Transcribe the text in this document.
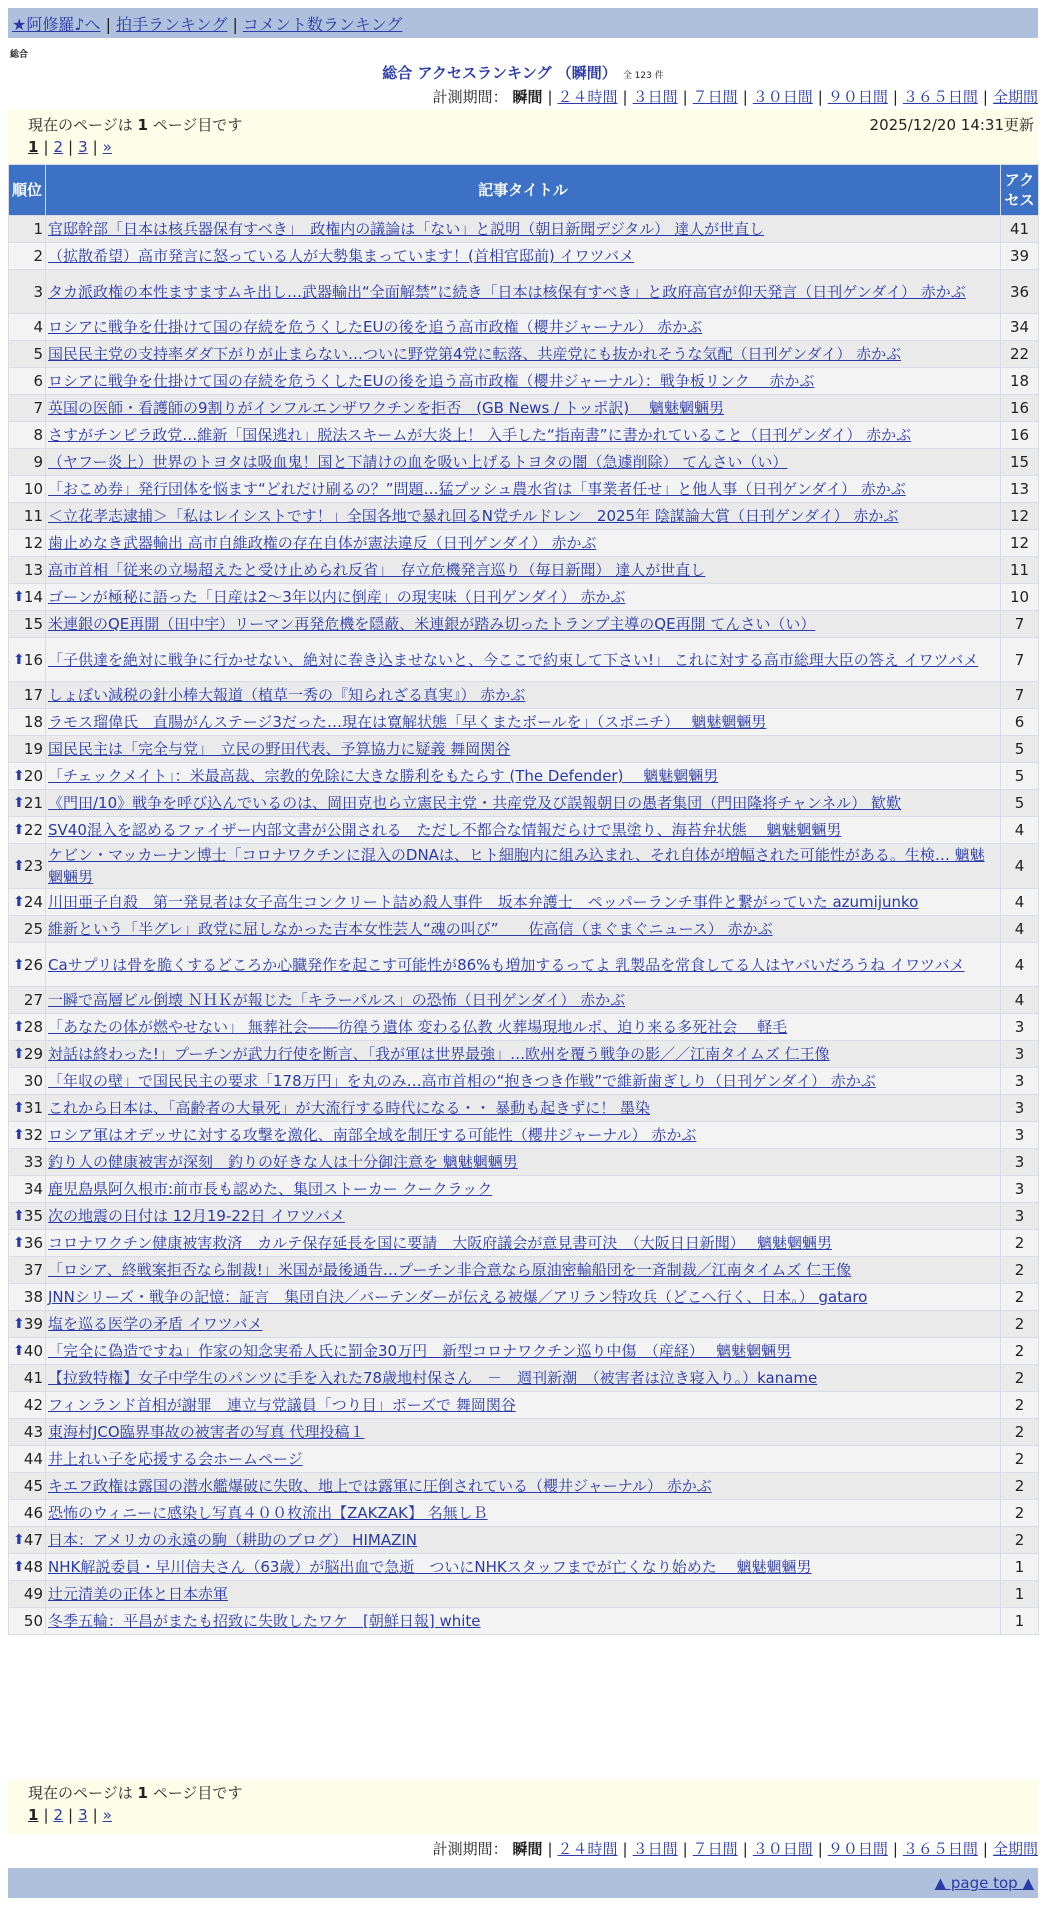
★阿修羅♪へ | 拍手ランキング | コメント数ランキング
総合
総合 アクセスランキング （瞬間） 全 123 件
計測期間： 瞬間 | ２４時間 | ３日間 | ７日間 | ３０日間 | ９０日間 | ３６５日間 | 全期間
現在のページは 1 ページ目です	2025/12/20 14:31更新
1 | 2 | 3 | »
順位	記事タイトル	アクセス
1	官邸幹部「日本は核兵器保有すべき」　政権内の議論は「ない」と説明（朝日新聞デジタル） 達人が世直し	41
2	（拡散希望）高市発言に怒っている人が大勢集まっています！(首相官邸前) イワツバメ	39
3	タカ派政権の本性ますますムキ出し…武器輸出“全面解禁”に続き「日本は核保有すべき」と政府高官が仰天発言（日刊ゲンダイ） 赤かぶ	36
4	ロシアに戦争を仕掛けて国の存続を危うくしたEUの後を追う高市政権（櫻井ジャーナル） 赤かぶ	34
5	国民民主党の支持率ダダ下がりが止まらない…ついに野党第4党に転落、共産党にも抜かれそうな気配（日刊ゲンダイ） 赤かぶ	22
6	ロシアに戦争を仕掛けて国の存続を危うくしたEUの後を追う高市政権（櫻井ジャーナル）：戦争板リンク　 赤かぶ	18
7	英国の医師・看護師の9割りがインフルエンザワクチンを拒否　(GB News / トッポ訳)　 魑魅魍魎男	16
8	さすがチンピラ政党…維新「国保逃れ」脱法スキームが大炎上！ 入手した“指南書”に書かれていること（日刊ゲンダイ） 赤かぶ	16
9	（ヤフー炎上）世界のトヨタは吸血鬼！国と下請けの血を吸い上げるトヨタの闇（急遽削除） てんさい（い）	15
10	「おこめ券」発行団体を悩ます“どれだけ刷るの？”問題…猛プッシュ農水省は「事業者任せ」と他人事（日刊ゲンダイ） 赤かぶ	13
11	＜立花孝志逮捕＞「私はレイシストです！」全国各地で暴れ回るN党チルドレン　2025年 陰謀論大賞（日刊ゲンダイ） 赤かぶ	12
12	歯止めなき武器輸出 高市自維政権の存在自体が憲法違反（日刊ゲンダイ） 赤かぶ	12
13	高市首相「従来の立場超えたと受け止められ反省」　存立危機発言巡り（毎日新聞） 達人が世直し	11

⬆ 14	ゴーンが極秘に語った「日産は2～3年以内に倒産」の現実味（日刊ゲンダイ） 赤かぶ	10
15	米連銀のQE再開（田中宇）リーマン再発危機を隠蔽、米連銀が踏み切ったトランプ主導のQE再開 てんさい（い）	7

⬆ 16	「子供達を絶対に戦争に行かせない、絶対に巻き込ませないと、今ここで約束して下さい!」 これに対する高市総理大臣の答え イワツバメ	7
17	しょぼい減税の針小棒大報道（植草一秀の『知られざる真実』） 赤かぶ	7
18	ラモス瑠偉氏　直腸がんステージ3だった…現在は寛解状態「早くまたボールを」（スポニチ）　 魑魅魍魎男	6
19	国民民主は「完全与党」　立民の野田代表、予算協力に疑義 舞岡関谷	5

⬆ 20	「チェックメイト」：米最高裁、宗教的免除に大きな勝利をもたらす (The Defender)　 魑魅魍魎男	5

⬆ 21	《門田/10》戦争を呼び込んでいるのは、岡田克也ら立憲民主党・共産党及び誤報朝日の愚者集団（門田隆将チャンネル） 歓歎	5

⬆ 22	SV40混入を認めるファイザー内部文書が公開される　ただし不都合な情報だらけで黒塗り、海苔弁状態　 魑魅魍魎男	4

⬆ 23	ケビン・マッカーナン博士「コロナワクチンに混入のDNAは、ヒト細胞内に組み込まれ、それ自体が増幅された可能性がある。生検… 魑魅魍魎男	4

⬆ 24	川田亜子自殺　第一発見者は女子高生コンクリート詰め殺人事件　坂本弁護士　ペッパーランチ事件と繋がっていた azumijunko	4
25	維新という「半グレ」政党に屈しなかった吉本女性芸人“魂の叫び”　　佐高信（まぐまぐニュース） 赤かぶ	4

⬆ 26	Caサプリは骨を脆くするどころか心臓発作を起こす可能性が86%も増加するってよ 乳製品を常食してる人はヤバいだろうね イワツバメ	4
27	一瞬で高層ビル倒壊 ＮＨＫが報じた「キラーパルス」の恐怖（日刊ゲンダイ） 赤かぶ	4

⬆ 28	「あなたの体が燃やせない」 無葬社会――彷徨う遺体 変わる仏教 火葬場現地ルポ、迫り来る多死社会　 軽毛	3

⬆ 29	対話は終わった!」プーチンが武力行使を断言、「我が軍は世界最強」…欧州を覆う戦争の影／／江南タイムズ 仁王像	3
30	「年収の壁」で国民民主の要求「178万円」を丸のみ…高市首相の“抱きつき作戦”で維新歯ぎしり（日刊ゲンダイ） 赤かぶ	3

⬆ 31	これから日本は、「高齢者の大量死」が大流行する時代になる・・ 暴動も起きずに！ 墨染	3

⬆ 32	ロシア軍はオデッサに対する攻撃を激化、南部全域を制圧する可能性（櫻井ジャーナル） 赤かぶ	3
33	釣り人の健康被害が深刻　釣りの好きな人は十分御注意を 魑魅魍魎男	3
34	鹿児島県阿久根市:前市長も認めた、集団ストーカー クークラック	3

⬆ 35	次の地震の日付は 12月19-22日 イワツバメ	3

⬆ 36	コロナワクチン健康被害救済　カルテ保存延長を国に要請　大阪府議会が意見書可決　（大阪日日新聞）　 魑魅魍魎男	2
37	「ロシア、終戦案拒否なら制裁!」米国が最後通告…プーチン非合意なら原油密輸船団を一斉制裁／江南タイムズ 仁王像	2
38	JNNシリーズ・戦争の記憶：証言　集団自決／バーテンダーが伝える被爆／アリラン特攻兵（どこへ行く、日本。） gataro	2

⬆ 39	塩を巡る医学の矛盾 イワツバメ	2

⬆ 40	「完全に偽造ですね」作家の知念実希人氏に罰金30万円　新型コロナワクチン巡り中傷　（産経）　 魑魅魍魎男	2
41	【拉致特権】女子中学生のパンツに手を入れた78歳地村保さん　－　週刊新潮　（被害者は泣き寝入り。）kaname	2
42	フィンランド首相が謝罪　連立与党議員「つり目」ポーズで 舞岡関谷	2
43	東海村JCO臨界事故の被害者の写真 代理投稿１	2
44	井上れい子を応援する会ホームページ	2
45	キエフ政権は露国の潜水艦爆破に失敗、地上では露軍に圧倒されている（櫻井ジャーナル） 赤かぶ	2
46	恐怖のウィニーに感染し写真４００枚流出【ZAKZAK】 名無しＢ	2

⬆ 47	日本：アメリカの永遠の駒（耕助のブログ） HIMAZIN	2

⬆ 48	NHK解説委員・早川信夫さん（63歳）が脳出血で急逝　ついにNHKスタッフまでが亡くなり始めた　 魑魅魍魎男	1
49	辻元清美の正体と日本赤軍	1
50	冬季五輪：平昌がまたも招致に失敗したワケ　[朝鮮日報] white	1
現在のページは 1 ページ目です
1 | 2 | 3 | »
計測期間： 瞬間 | ２４時間 | ３日間 | ７日間 | ３０日間 | ９０日間 | ３６５日間 | 全期間
▲ page top ▲
